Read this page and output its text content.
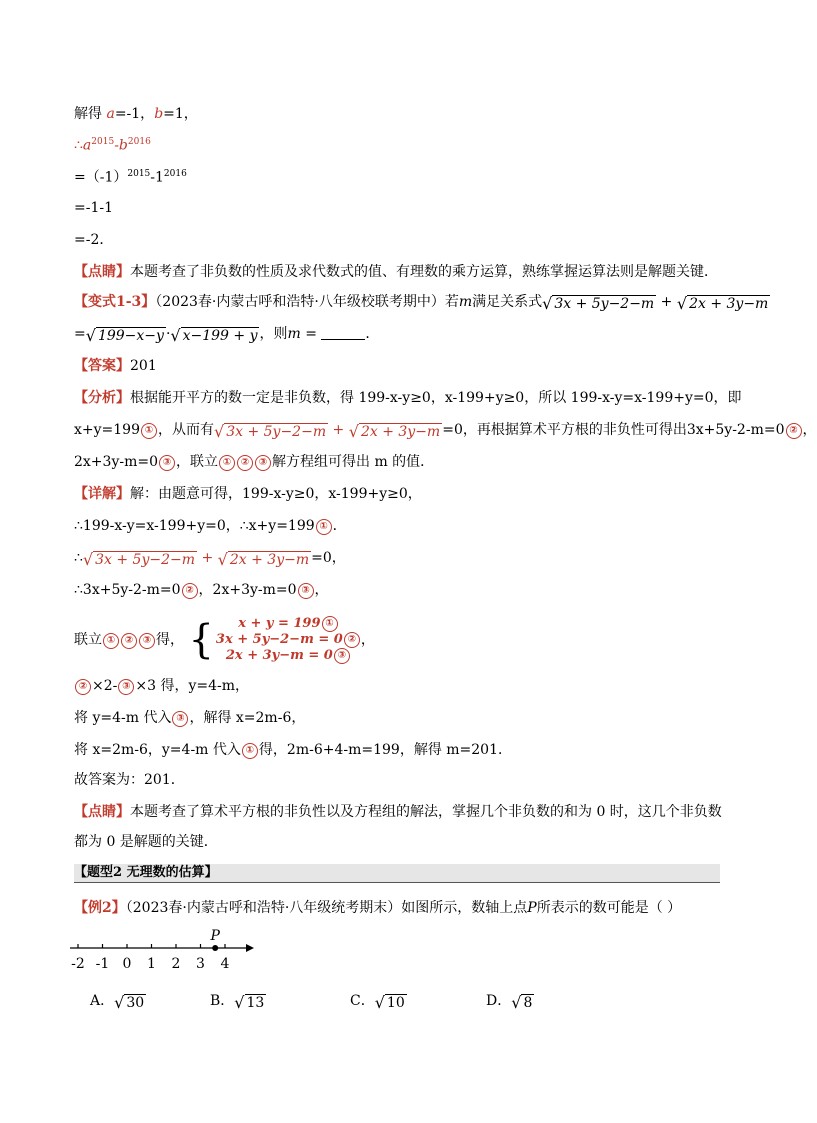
解得 a=-1，b=1，
$\therefore a^{2015}-b^{2016}$
$=(-1)^{2015}-1^{2016}$
=-1-1
=-2．
【点睛】本题考查了非负数的性质及求代数式的值、有理数的乘方运算，熟练掌握运算法则是解题关键．
【变式1-3】（2023春·内蒙古呼和浩特·八年级校联考期中）若m满足关系式 √ 3x + 5y−2−m + √ 2x + 3y−m
= √ 199−x−y · √ x−199 + y ，则m =	．
【答案】201
【分析】根据能开平方的数一定是非负数，得 199-x-y≥0，x-199+y≥0，所以 199-x-y=x-199+y=0，即
x+y=199 ① ，从而有 √ 3x + 5y−2−m + √ 2x + 3y−m =0，再根据算术平方根的非负性可得出3x+5y-2-m=0 ② ，
2x+3y-m=0 ③ ，联立 ① ② ③ 解方程组可得出 m 的值．
【详解】解：由题意可得，199-x-y≥0，x-199+y≥0，
∴199-x-y=x-199+y=0，∴x+y=199 ① ．
∴ √ 3x + 5y−2−m + √ 2x + 3y−m =0，
∴3x+5y-2-m=0 ② ，2x+3y-m=0 ③ ，
联立 ① ② ③ 得， { x + y = 199 ①
3x + 5y−2−m = 0 ②
2x + 3y−m = 0 ③
，
② ×2- ③ ×3 得，y=4-m，
将 y=4-m 代入 ③ ，解得 x=2m-6，
将 x=2m-6，y=4-m 代入 ① 得，2m-6+4-m=199，解得 m=201．
故答案为：201．
【点睛】本题考查了算术平方根的非负性以及方程组的解法，掌握几个非负数的和为 0 时，这几个非负数
都为 0 是解题的关键．
【题型2 无理数的估算】
【例2】（2023春·内蒙古呼和浩特·八年级统考期末）如图所示，数轴上点P所表示的数可能是（ ）
-2 -1 0 1 2 3 4
P
A． √ 30	B． √ 13	C． √ 10	D． √ 8
